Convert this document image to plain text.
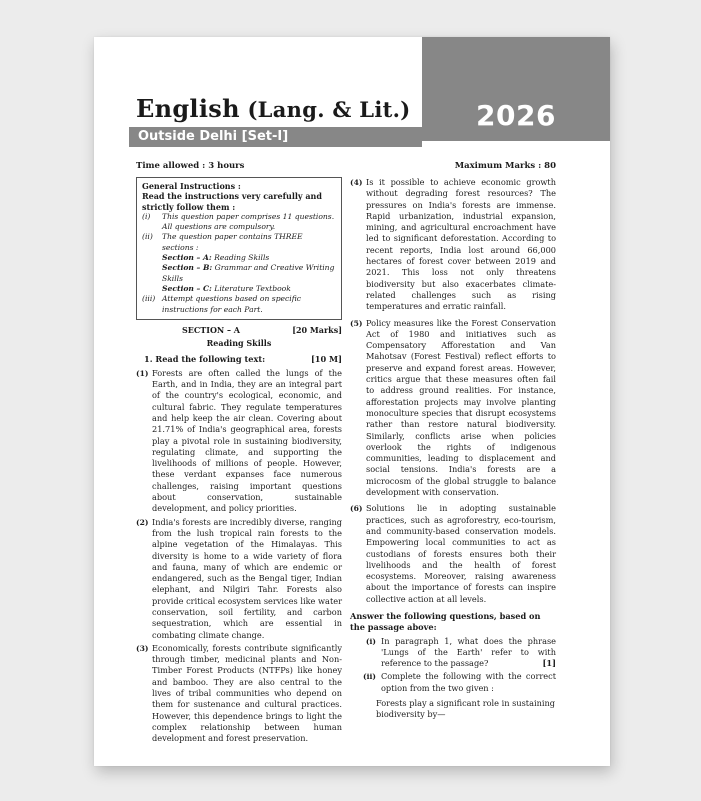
2026
English (Lang. & Lit.)
Outside Delhi [Set-I]
Time allowed : 3 hours	Maximum Marks : 80
General Instructions :
Read the instructions very carefully and strictly follow them :
(i)	This question paper comprises 11 questions. All questions are compulsory.
(ii)	The question paper contains THREE sections :
Section – A: Reading Skills
Section – B: Grammar and Creative Writing Skills
Section – C: Literature Textbook
(iii) Attempt questions based on specific instructions for each Part.
SECTION – A	[20 Marks]
Reading Skills
1. Read the following text:	[10 M]
(1) Forests are often called the lungs of the Earth, and in India, they are an integral part of the country's ecological, economic, and cultural fabric. They regulate temperatures and help keep the air clean. Covering about 21.71% of India's geographical area, forests play a pivotal role in sustaining biodiversity, regulating climate, and supporting the livelihoods of millions of people. However, these verdant expanses face numerous challenges, raising important questions about conservation, sustainable development, and policy priorities.
(2) India's forests are incredibly diverse, ranging from the lush tropical rain forests to the alpine vegetation of the Himalayas. This diversity is home to a wide variety of flora and fauna, many of which are endemic or endangered, such as the Bengal tiger, Indian elephant, and Nilgiri Tahr. Forests also provide critical ecosystem services like water conservation, soil fertility, and carbon sequestration, which are essential in combating climate change.
(3) Economically, forests contribute significantly through timber, medicinal plants and Non-Timber Forest Products (NTFPs) like honey and bamboo. They are also central to the lives of tribal communities who depend on them for sustenance and cultural practices. However, this dependence brings to light the complex relationship between human development and forest preservation.
(4) Is it possible to achieve economic growth without degrading forest resources? The pressures on India's forests are immense. Rapid urbanization, industrial expansion, mining, and agricultural encroachment have led to significant deforestation. According to recent reports, India lost around 66,000 hectares of forest cover between 2019 and 2021. This loss not only threatens biodiversity but also exacerbates climate-related challenges such as rising temperatures and erratic rainfall.
(5) Policy measures like the Forest Conservation Act of 1980 and initiatives such as Compensatory Afforestation and Van Mahotsav (Forest Festival) reflect efforts to preserve and expand forest areas. However, critics argue that these measures often fail to address ground realities. For instance, afforestation projects may involve planting monoculture species that disrupt ecosystems rather than restore natural biodiversity. Similarly, conflicts arise when policies overlook the rights of indigenous communities, leading to displacement and social tensions. India's forests are a microcosm of the global struggle to balance development with conservation.
(6) Solutions lie in adopting sustainable practices, such as agroforestry, eco-tourism, and community-based conservation models. Empowering local communities to act as custodians of forests ensures both their livelihoods and the health of forest ecosystems. Moreover, raising awareness about the importance of forests can inspire collective action at all levels.
Answer the following questions, based on the passage above:
(i) In paragraph 1, what does the phrase 'Lungs of the Earth' refer to with reference to the passage?	[1]
(ii) Complete the following with the correct option from the two given :
Forests play a significant role in sustaining biodiversity by—
